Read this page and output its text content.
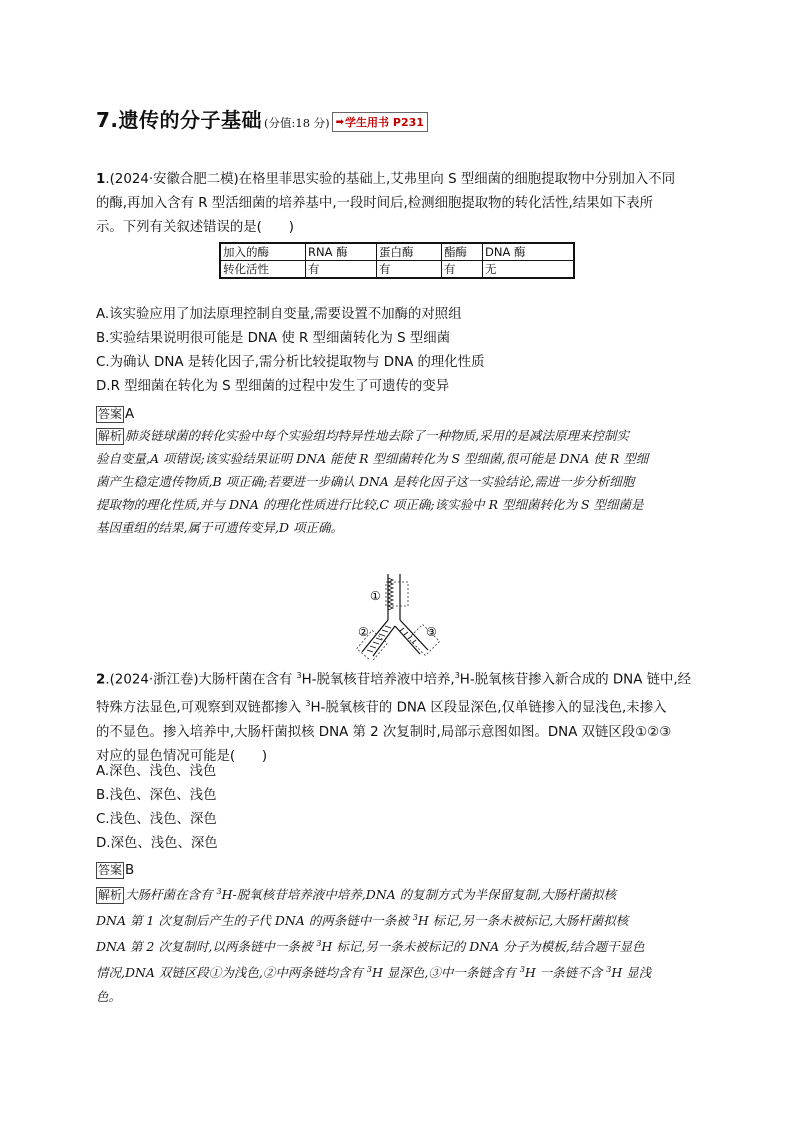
7.遗传的分子基础 (分值:18 分) ➡ 学生用书 P231
1.(2024·安徽合肥二模)在格里菲思实验的基础上,艾弗里向 S 型细菌的细胞提取物中分别加入不同
的酶,再加入含有 R 型活细菌的培养基中,一段时间后,检测细胞提取物的转化活性,结果如下表所
示。下列有关叙述错误的是(　　)
加入的酶	RNA 酶	蛋白酶	酯酶	DNA 酶
转化活性	有	有	有	无
A.该实验应用了加法原理控制自变量,需要设置不加酶的对照组
B.实验结果说明很可能是 DNA 使 R 型细菌转化为 S 型细菌
C.为确认 DNA 是转化因子,需分析比较提取物与 DNA 的理化性质
D.R 型细菌在转化为 S 型细菌的过程中发生了可遗传的变异
答案 A
解析 肺炎链球菌的转化实验中每个实验组均特异性地去除了一种物质,采用的是减法原理来控制实
验自变量,A 项错误;该实验结果证明 DNA 能使 R 型细菌转化为 S 型细菌,很可能是 DNA 使 R 型细
菌产生稳定遗传物质,B 项正确;若要进一步确认 DNA 是转化因子这一实验结论,需进一步分析细胞
提取物的理化性质,并与 DNA 的理化性质进行比较,C 项正确;该实验中 R 型细菌转化为 S 型细菌是
基因重组的结果,属于可遗传变异,D 项正确。
①
②	③
2.(2024·浙江卷)大肠杆菌在含有 $^3$H-脱氧核苷培养液中培养,$^3$H-脱氧核苷掺入新合成的 DNA 链中,经
特殊方法显色,可观察到双链都掺入 $^3$H-脱氧核苷的 DNA 区段显深色,仅单链掺入的显浅色,未掺入
的不显色。掺入培养中,大肠杆菌拟核 DNA 第 2 次复制时,局部示意图如图。DNA 双链区段①②③
对应的显色情况可能是(　　)
A.深色、浅色、浅色
B.浅色、深色、浅色
C.浅色、浅色、深色
D.深色、浅色、深色
答案 B
解析 大肠杆菌在含有 $^3$H-脱氧核苷培养液中培养,DNA 的复制方式为半保留复制,大肠杆菌拟核
DNA 第 1 次复制后产生的子代 DNA 的两条链中一条被 $^3$H 标记,另一条未被标记,大肠杆菌拟核
DNA 第 2 次复制时,以两条链中一条被 $^3$H 标记,另一条未被标记的 DNA 分子为模板,结合题干显色
情况,DNA 双链区段①为浅色,②中两条链均含有 $^3$H 显深色,③中一条链含有 $^3$H 一条链不含 $^3$H 显浅
色。
